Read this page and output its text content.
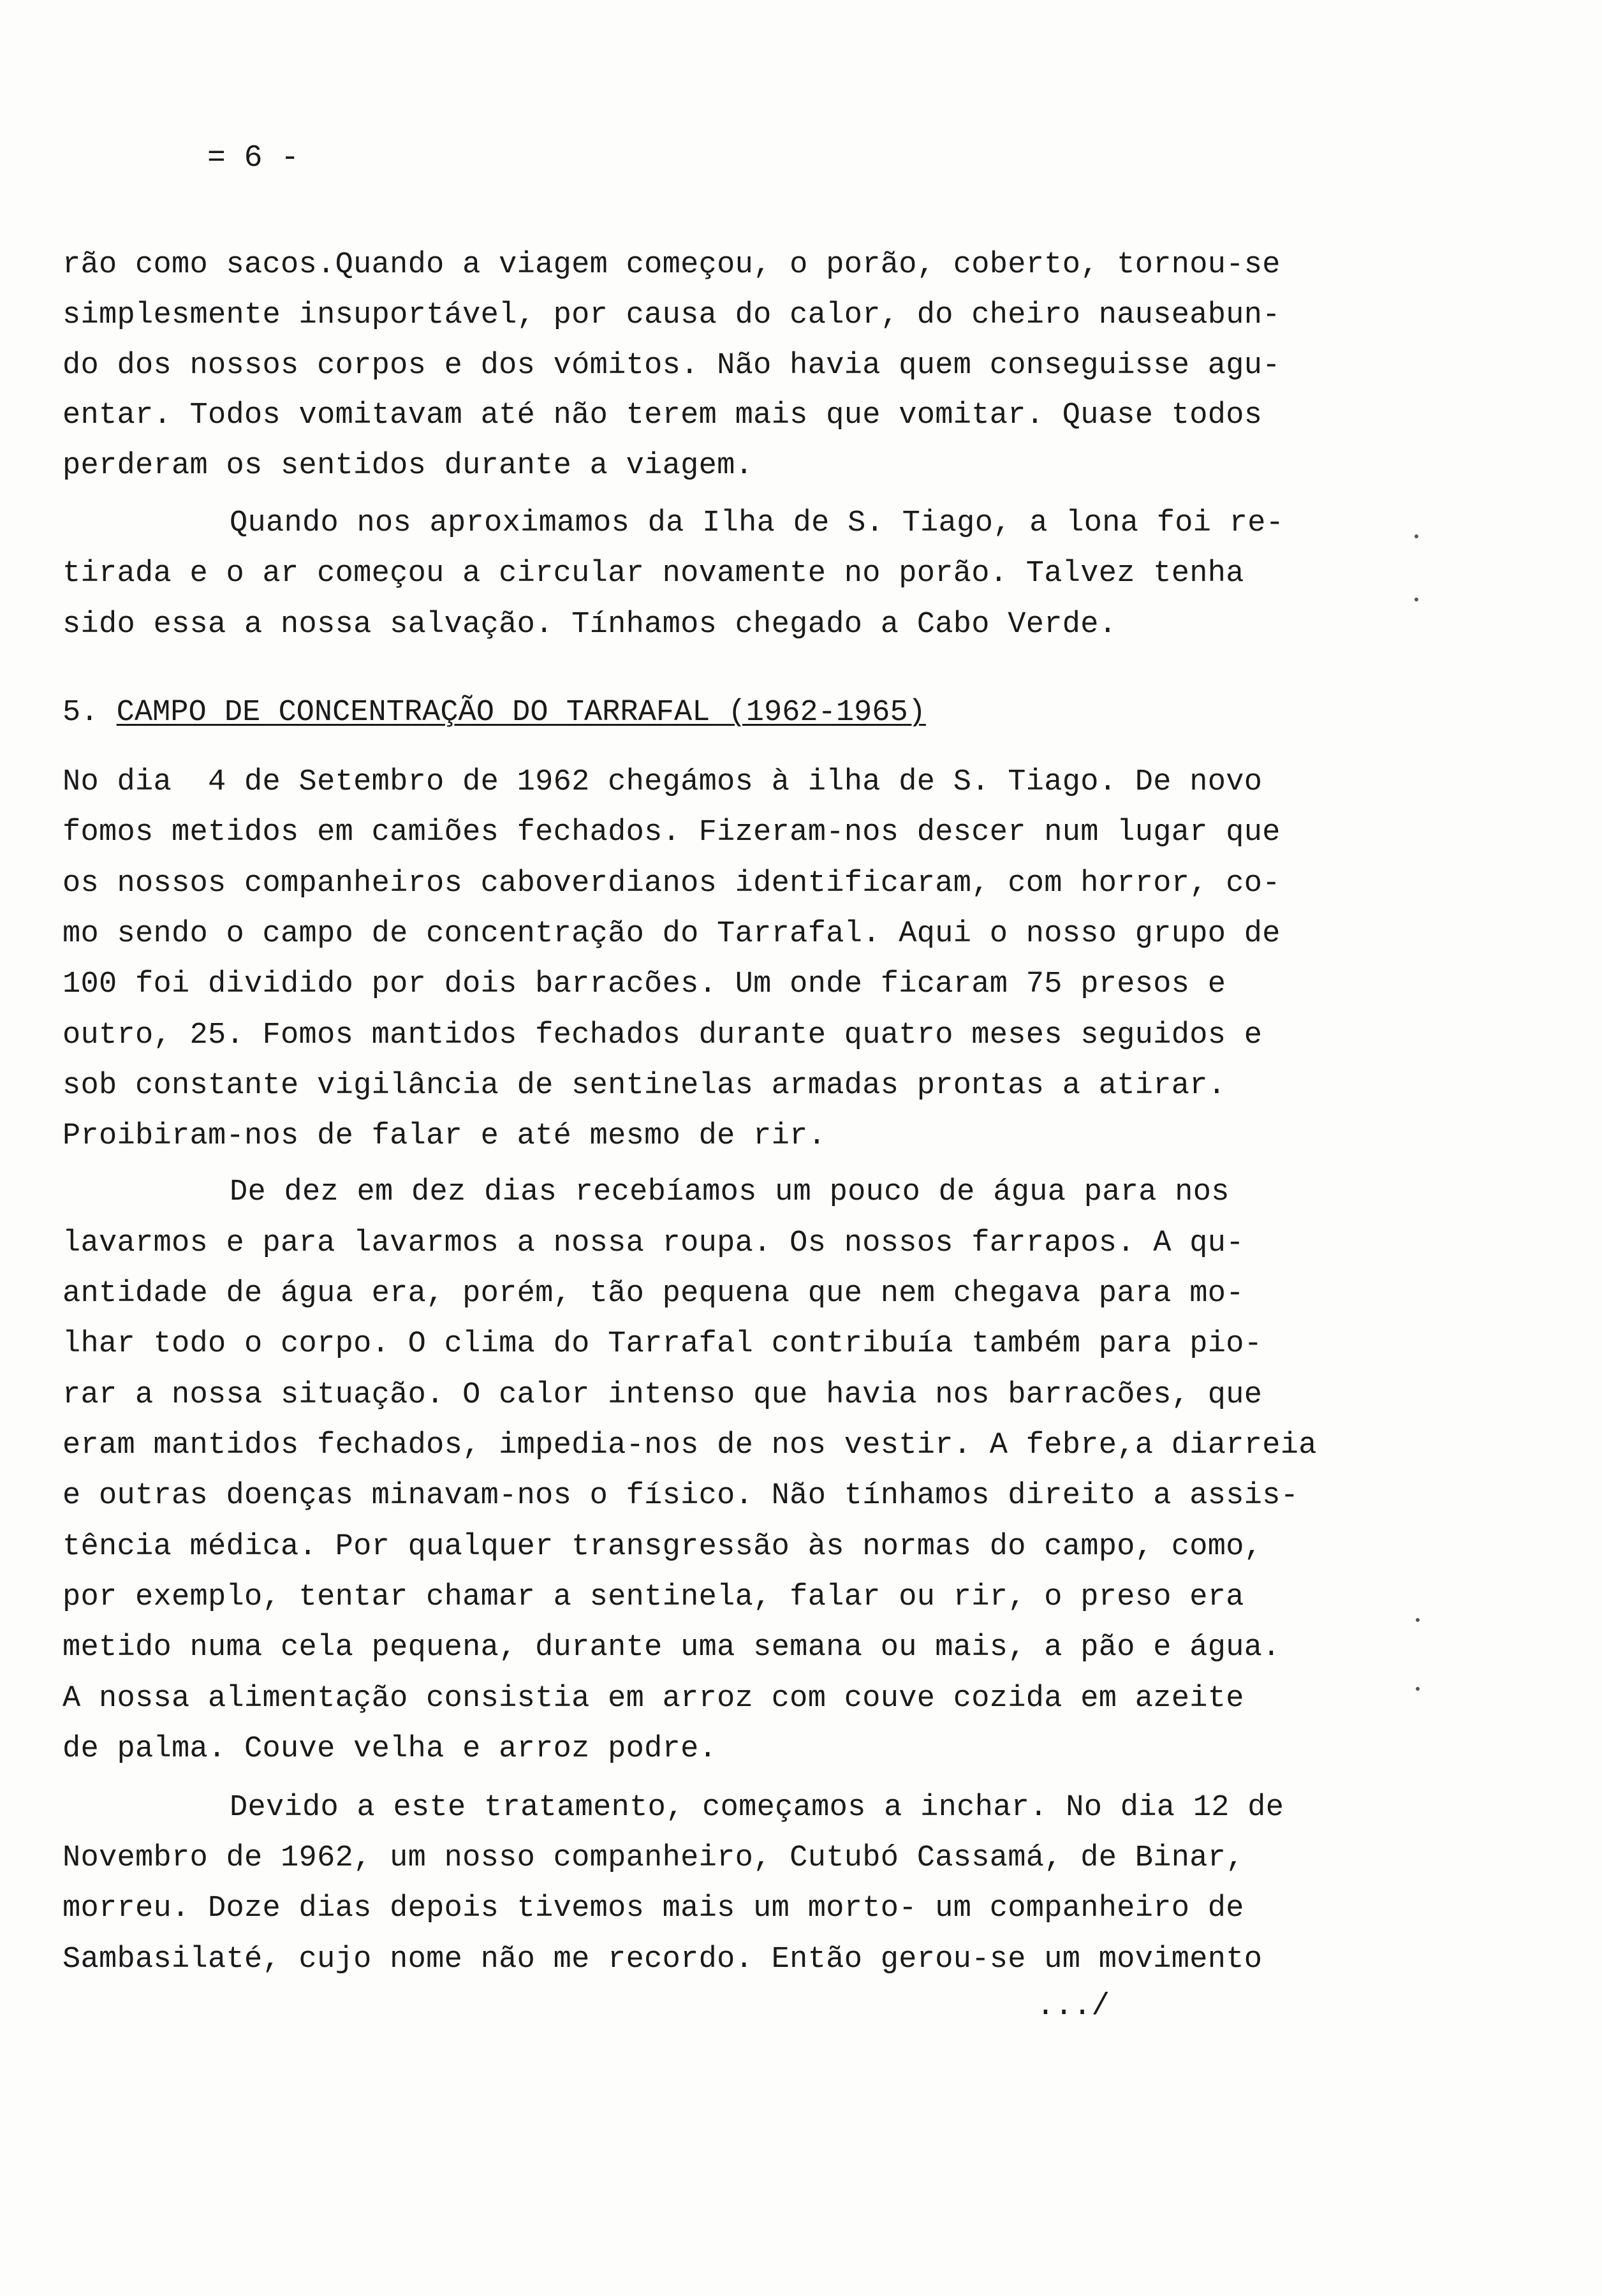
= 6 -
rão como sacos.Quando a viagem começou, o porão, coberto, tornou-se
simplesmente insuportável, por causa do calor, do cheiro nauseabun-
do dos nossos corpos e dos vómitos. Não havia quem conseguisse agu-
entar. Todos vomitavam até não terem mais que vomitar. Quase todos
perderam os sentidos durante a viagem.
Quando nos aproximamos da Ilha de S. Tiago, a lona foi re-
tirada e o ar começou a circular novamente no porão. Talvez tenha
sido essa a nossa salvação. Tínhamos chegado a Cabo Verde.
5. CAMPO DE CONCENTRAÇÃO DO TARRAFAL (1962-1965)
No dia  4 de Setembro de 1962 chegámos à ilha de S. Tiago. De novo
fomos metidos em camiões fechados. Fizeram-nos descer num lugar que
os nossos companheiros caboverdianos identificaram, com horror, co-
mo sendo o campo de concentração do Tarrafal. Aqui o nosso grupo de
100 foi dividido por dois barracões. Um onde ficaram 75 presos e
outro, 25. Fomos mantidos fechados durante quatro meses seguidos e
sob constante vigilância de sentinelas armadas prontas a atirar.
Proibiram-nos de falar e até mesmo de rir.
De dez em dez dias recebíamos um pouco de água para nos
lavarmos e para lavarmos a nossa roupa. Os nossos farrapos. A qu-
antidade de água era, porém, tão pequena que nem chegava para mo-
lhar todo o corpo. O clima do Tarrafal contribuía também para pio-
rar a nossa situação. O calor intenso que havia nos barracões, que
eram mantidos fechados, impedia-nos de nos vestir. A febre,a diarreia
e outras doenças minavam-nos o físico. Não tínhamos direito a assis-
tência médica. Por qualquer transgressão às normas do campo, como,
por exemplo, tentar chamar a sentinela, falar ou rir, o preso era
metido numa cela pequena, durante uma semana ou mais, a pão e água.
A nossa alimentação consistia em arroz com couve cozida em azeite
de palma. Couve velha e arroz podre.
Devido a este tratamento, começamos a inchar. No dia 12 de
Novembro de 1962, um nosso companheiro, Cutubó Cassamá, de Binar,
morreu. Doze dias depois tivemos mais um morto- um companheiro de
Sambasilaté, cujo nome não me recordo. Então gerou-se um movimento
.../
